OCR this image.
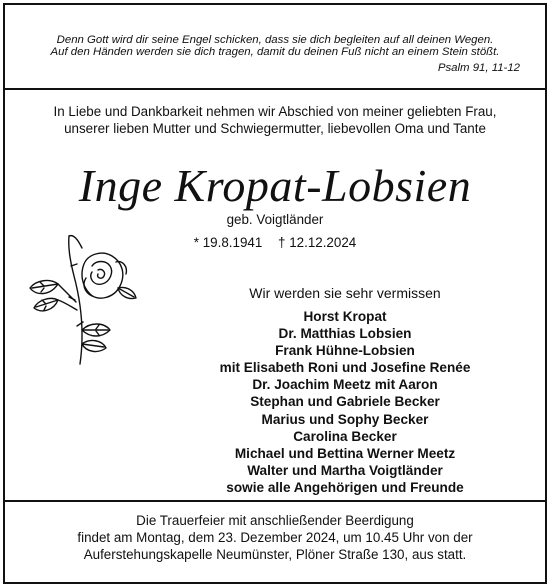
Denn Gott wird dir seine Engel schicken, dass sie dich begleiten auf all deinen Wegen.
Auf den Händen werden sie dich tragen, damit du deinen Fuß nicht an einem Stein stößt.
Psalm 91, 11-12
In Liebe und Dankbarkeit nehmen wir Abschied von meiner geliebten Frau,
unserer lieben Mutter und Schwiegermutter, liebevollen Oma und Tante
Inge Kropat-Lobsien
geb. Voigtländer
* 19.8.1941 † 12.12.2024
Wir werden sie sehr vermissen
Horst Kropat
Dr. Matthias Lobsien
Frank Hühne-Lobsien
mit Elisabeth Roni und Josefine Renée
Dr. Joachim Meetz mit Aaron
Stephan und Gabriele Becker
Marius und Sophy Becker
Carolina Becker
Michael und Bettina Werner Meetz
Walter und Martha Voigtländer
sowie alle Angehörigen und Freunde
Die Trauerfeier mit anschließender Beerdigung
findet am Montag, dem 23. Dezember 2024, um 10.45 Uhr von der
Auferstehungskapelle Neumünster, Plöner Straße 130, aus statt.
